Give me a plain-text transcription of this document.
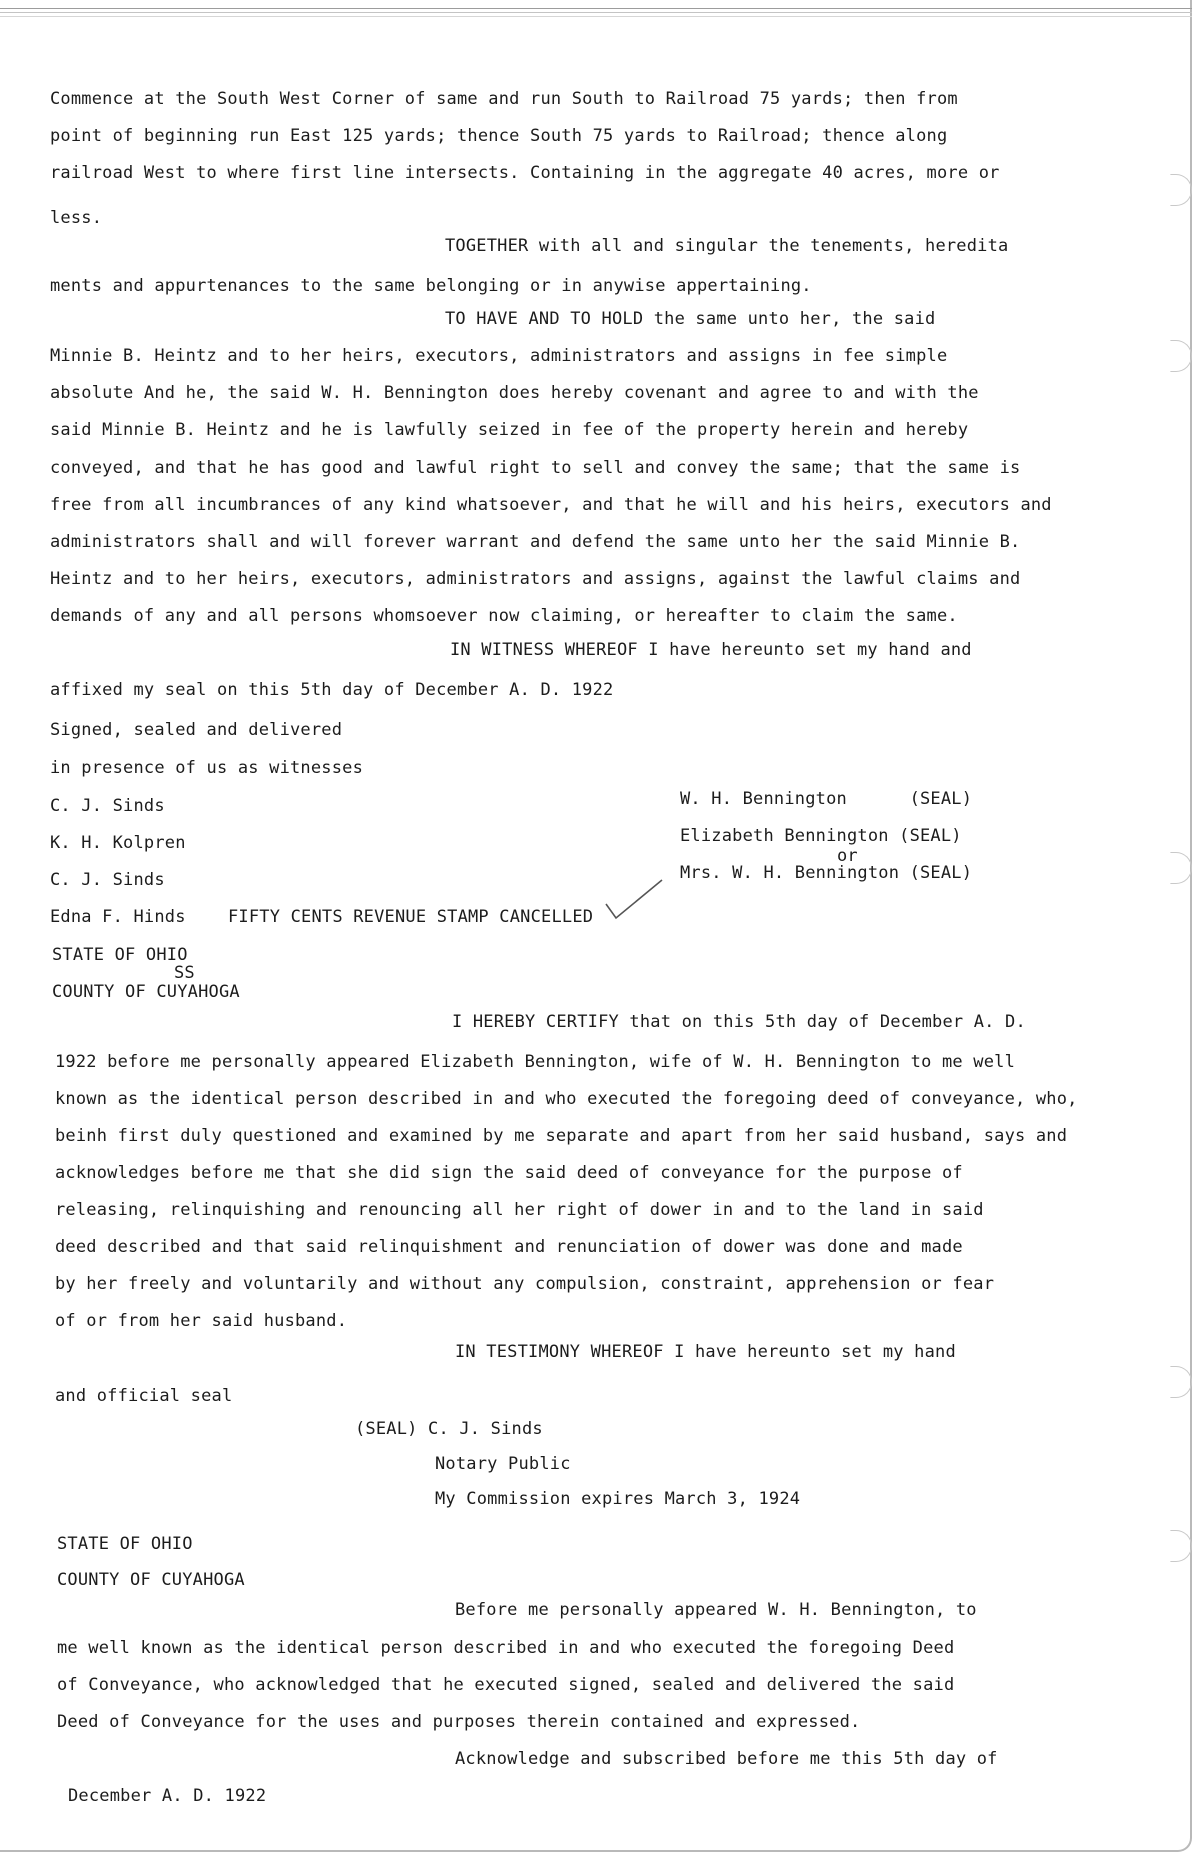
Commence at the South West Corner of same and run South to Railroad 75 yards; then from
point of beginning run East 125 yards; thence South 75 yards to Railroad; thence along
railroad West to where first line intersects. Containing in the aggregate 40 acres, more or
less.
TOGETHER with all and singular the tenements, heredita
ments and appurtenances to the same belonging or in anywise appertaining.
TO HAVE AND TO HOLD the same unto her, the said
Minnie B. Heintz and to her heirs, executors, administrators and assigns in fee simple
absolute And he, the said W. H. Bennington does hereby covenant and agree to and with the
said Minnie B. Heintz and he is lawfully seized in fee of the property herein and hereby
conveyed, and that he has good and lawful right to sell and convey the same; that the same is
free from all incumbrances of any kind whatsoever, and that he will and his heirs, executors and
administrators shall and will forever warrant and defend the same unto her the said Minnie B.
Heintz and to her heirs, executors, administrators and assigns, against the lawful claims and
demands of any and all persons whomsoever now claiming, or hereafter to claim the same.
IN WITNESS WHEREOF I have hereunto set my hand and
affixed my seal on this 5th day of December A. D. 1922
Signed, sealed and delivered
in presence of us as witnesses
C. J. Sinds
K. H. Kolpren
C. J. Sinds
Edna F. Hinds FIFTY CENTS REVENUE STAMP CANCELLED
W. H. Bennington      (SEAL)
Elizabeth Bennington (SEAL)
or
Mrs. W. H. Bennington (SEAL)
STATE OF OHIO
SS
COUNTY OF CUYAHOGA
I HEREBY CERTIFY that on this 5th day of December A. D.
1922 before me personally appeared Elizabeth Bennington, wife of W. H. Bennington to me well
known as the identical person described in and who executed the foregoing deed of conveyance, who,
beinh first duly questioned and examined by me separate and apart from her said husband, says and
acknowledges before me that she did sign the said deed of conveyance for the purpose of
releasing, relinquishing and renouncing all her right of dower in and to the land in said
deed described and that said relinquishment and renunciation of dower was done and made
by her freely and voluntarily and without any compulsion, constraint, apprehension or fear
of or from her said husband.
IN TESTIMONY WHEREOF I have hereunto set my hand
and official seal
(SEAL) C. J. Sinds
Notary Public
My Commission expires March 3, 1924
STATE OF OHIO
COUNTY OF CUYAHOGA
Before me personally appeared W. H. Bennington, to
me well known as the identical person described in and who executed the foregoing Deed
of Conveyance, who acknowledged that he executed signed, sealed and delivered the said
Deed of Conveyance for the uses and purposes therein contained and expressed.
Acknowledge and subscribed before me this 5th day of
December A. D. 1922
